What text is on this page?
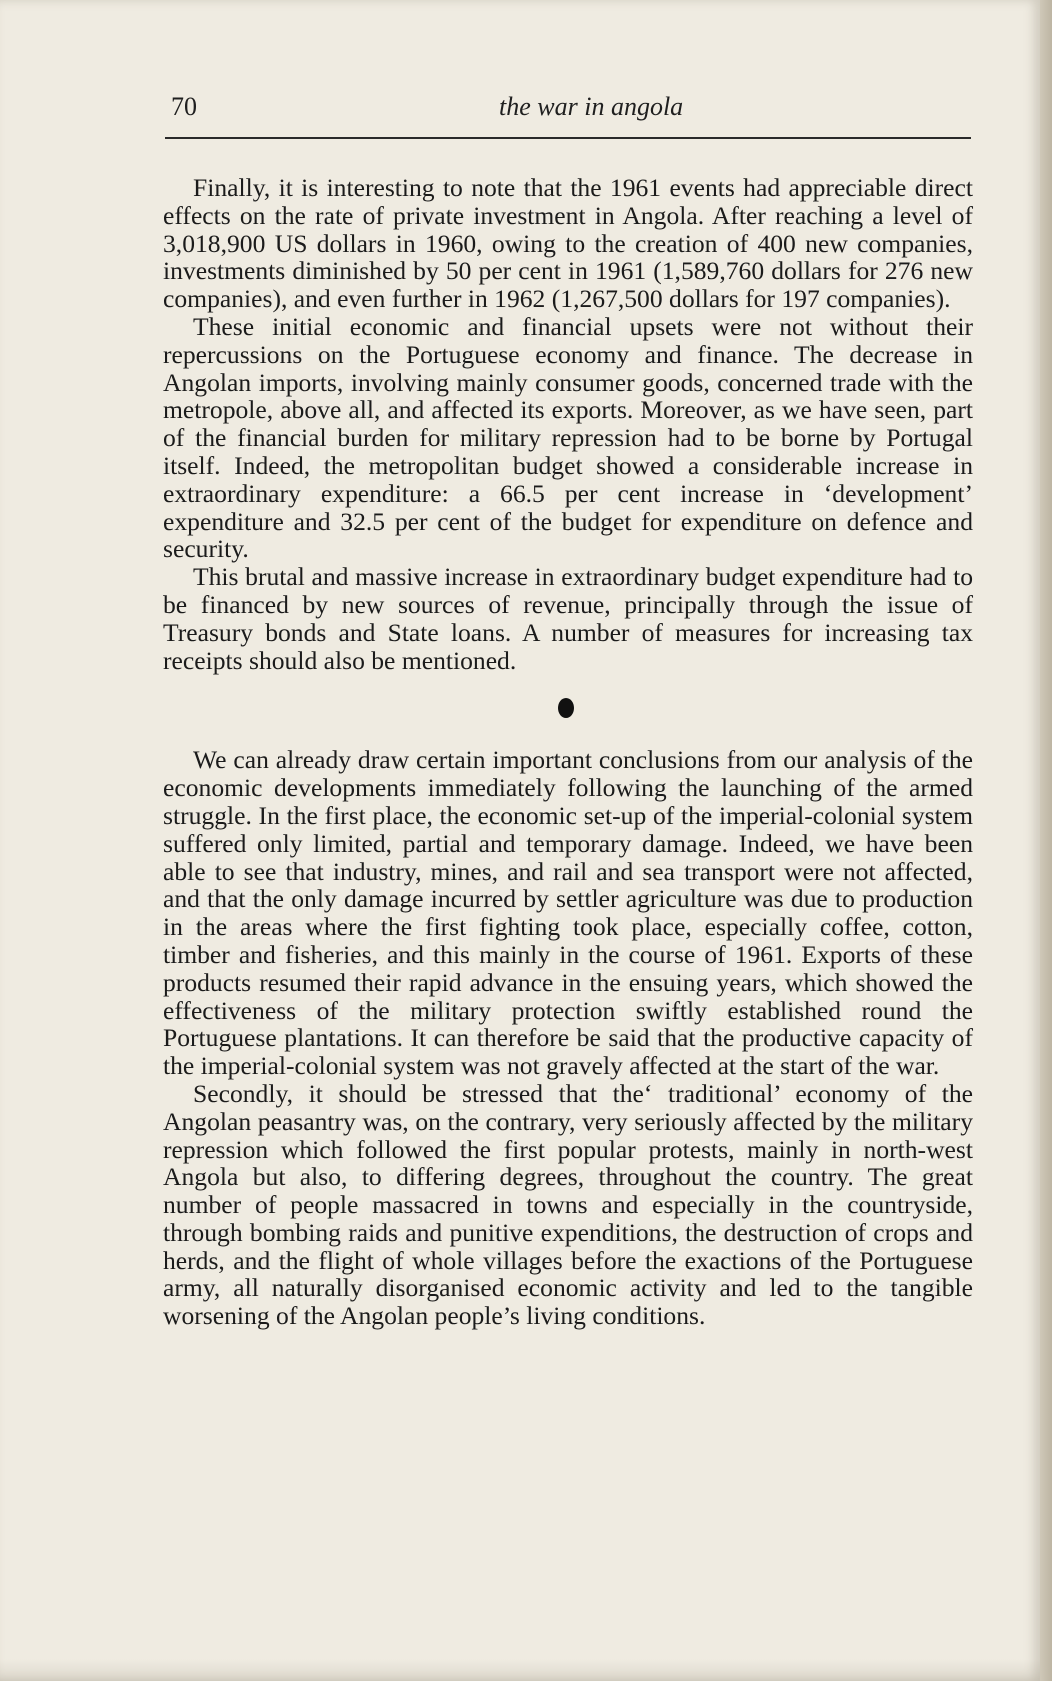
70	the war in angola

Finally, it is interesting to note that the 1961 events had appreciable direct effects on the rate of private investment in Angola. After reaching a level of 3,018,900 US dollars in 1960, owing to the creation of 400 new companies, investments diminished by 50 per cent in 1961 (1,589,760 dollars for 276 new companies), and even further in 1962 (1,267,500 dollars for 197 companies).

These initial economic and financial upsets were not without their repercussions on the Portuguese economy and finance. The decrease in Angolan imports, involving mainly consumer goods, concerned trade with the metropole, above all, and affected its exports. Moreover, as we have seen, part of the financial burden for military repression had to be borne by Portugal itself. Indeed, the metropolitan budget showed a considerable increase in extraordinary expenditure: a 66.5 per cent increase in ‘development’ expenditure and 32.5 per cent of the budget for expenditure on defence and security.

This brutal and massive increase in extraordinary budget expenditure had to be financed by new sources of revenue, principally through the issue of Treasury bonds and State loans. A number of measures for increasing tax receipts should also be mentioned.

We can already draw certain important conclusions from our analysis of the economic developments immediately following the launching of the armed struggle. In the first place, the economic set-up of the imperial-colonial system suffered only limited, partial and temporary damage. Indeed, we have been able to see that industry, mines, and rail and sea transport were not affected, and that the only damage incurred by settler agriculture was due to production in the areas where the first fighting took place, especially coffee, cotton, timber and fisheries, and this mainly in the course of 1961. Exports of these products resumed their rapid advance in the ensuing years, which showed the effectiveness of the military protection swiftly established round the Portuguese plantations. It can therefore be said that the productive capacity of the imperial-colonial system was not gravely affected at the start of the war.

Secondly, it should be stressed that the‘ traditional’ economy of the Angolan peasantry was, on the contrary, very seriously affected by the military repression which followed the first popular protests, mainly in north-west Angola but also, to differing degrees, throughout the country. The great number of people massacred in towns and especially in the countryside, through bombing raids and punitive expenditions, the destruction of crops and herds, and the flight of whole villages before the exactions of the Portuguese army, all naturally disorganised economic activity and led to the tangible worsening of the Angolan people’s living conditions.
